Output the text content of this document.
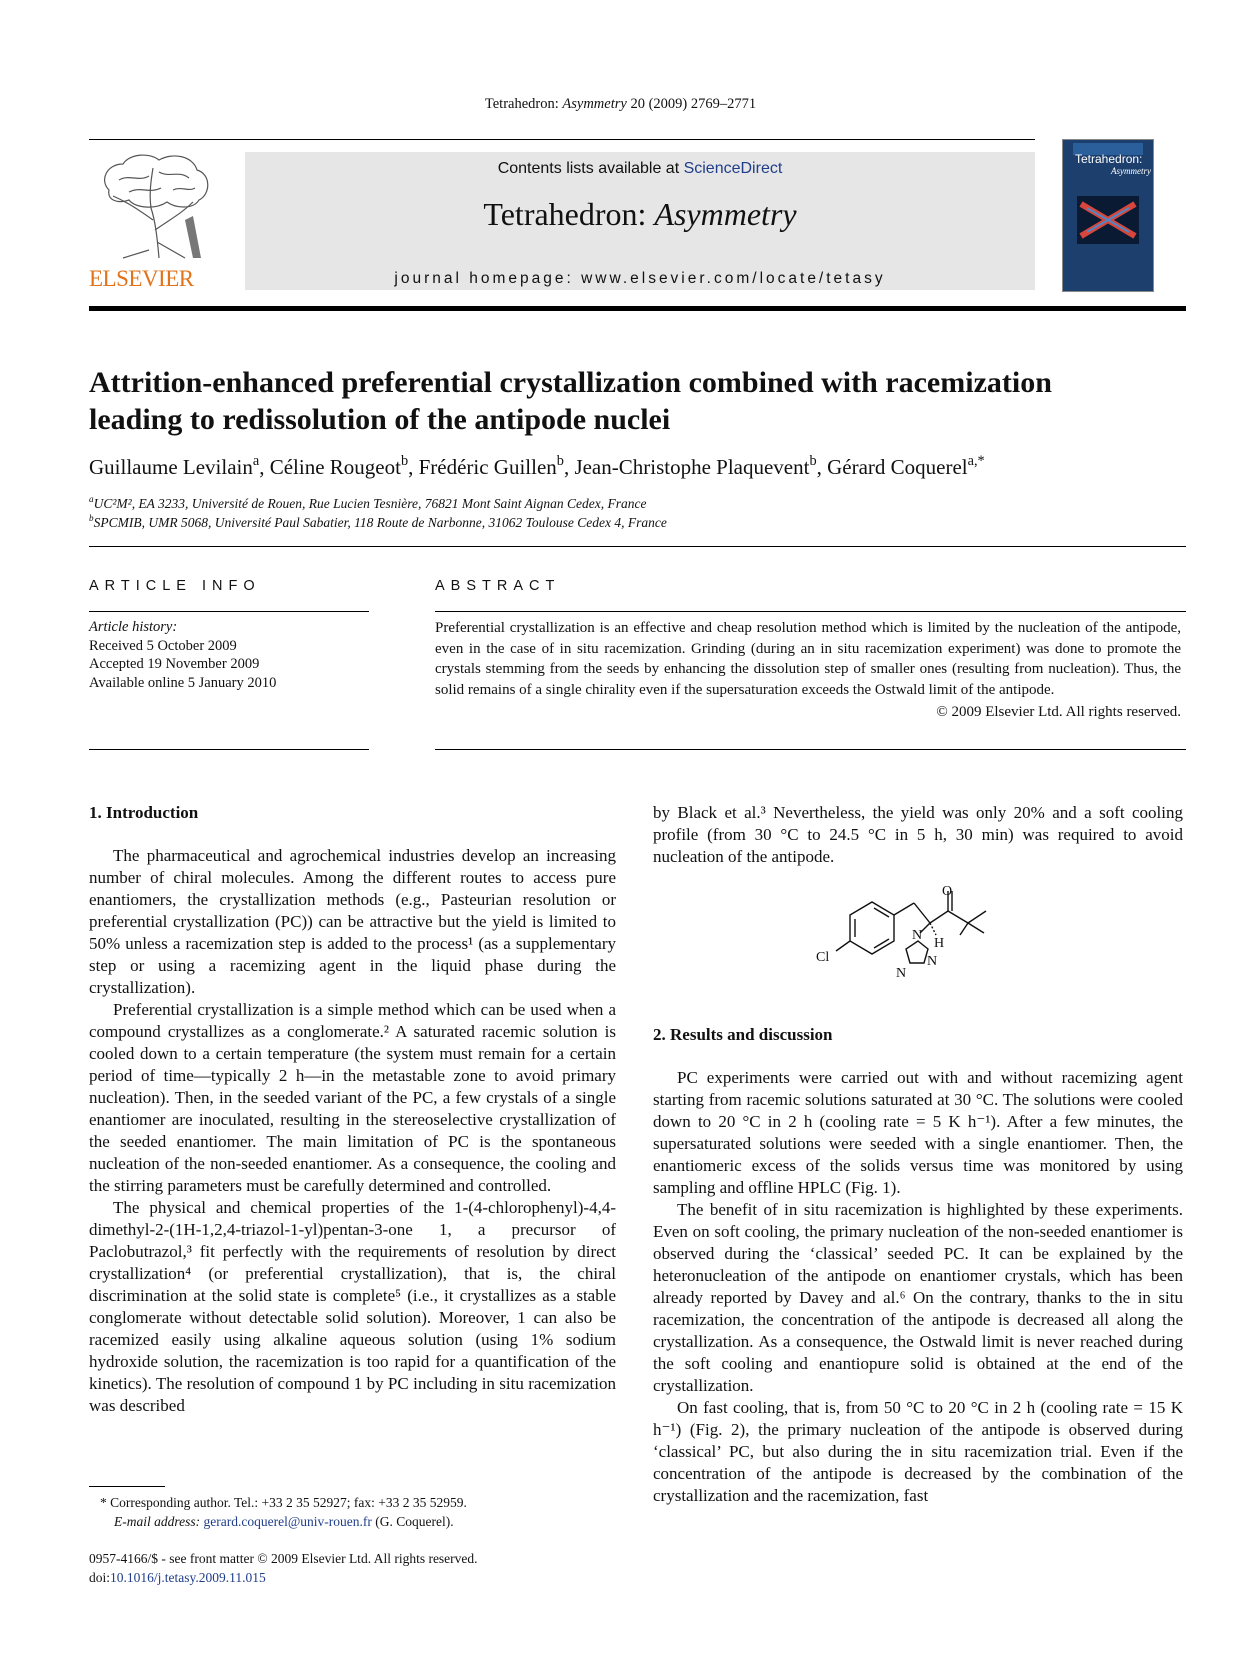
Tetrahedron: Asymmetry 20 (2009) 2769–2771
ELSEVIER
Contents lists available at ScienceDirect
Tetrahedron: Asymmetry
journal homepage: www.elsevier.com/locate/tetasy
Tetrahedron:
Asymmetry
Attrition-enhanced preferential crystallization combined with racemization
leading to redissolution of the antipode nuclei
Guillaume Levilain$^a$, Céline Rougeot$^b$, Frédéric Guillen$^b$, Jean-Christophe Plaquevent$^b$, Gérard Coquerel$^{a,*}$
$^a$UC²M², EA 3233, Université de Rouen, Rue Lucien Tesnière, 76821 Mont Saint Aignan Cedex, France
$^b$SPCMIB, UMR 5068, Université Paul Sabatier, 118 Route de Narbonne, 31062 Toulouse Cedex 4, France
ARTICLE INFO
Article history:
Received 5 October 2009
Accepted 19 November 2009
Available online 5 January 2010
ABSTRACT
Preferential crystallization is an effective and cheap resolution method which is limited by the nucleation of the antipode, even in the case of in situ racemization. Grinding (during an in situ racemization experiment) was done to promote the crystals stemming from the seeds by enhancing the dissolution step of smaller ones (resulting from nucleation). Thus, the solid remains of a single chirality even if the supersaturation exceeds the Ostwald limit of the antipode.
© 2009 Elsevier Ltd. All rights reserved.
1. Introduction

The pharmaceutical and agrochemical industries develop an increasing number of chiral molecules. Among the different routes to access pure enantiomers, the crystallization methods (e.g., Pasteurian resolution or preferential crystallization (PC)) can be attractive but the yield is limited to 50% unless a racemization step is added to the process¹ (as a supplementary step or using a racemizing agent in the liquid phase during the crystallization).

Preferential crystallization is a simple method which can be used when a compound crystallizes as a conglomerate.² A saturated racemic solution is cooled down to a certain temperature (the system must remain for a certain period of time—typically 2 h—in the metastable zone to avoid primary nucleation). Then, in the seeded variant of the PC, a few crystals of a single enantiomer are inoculated, resulting in the stereoselective crystallization of the seeded enantiomer. The main limitation of PC is the spontaneous nucleation of the non-seeded enantiomer. As a consequence, the cooling and the stirring parameters must be carefully determined and controlled.

The physical and chemical properties of the 1-(4-chlorophenyl)-4,4-dimethyl-2-(1H-1,2,4-triazol-1-yl)pentan-3-one 1, a precursor of Paclobutrazol,³ fit perfectly with the requirements of resolution by direct crystallization⁴ (or preferential crystallization), that is, the chiral discrimination at the solid state is complete⁵ (i.e., it crystallizes as a stable conglomerate without detectable solid solution). Moreover, 1 can also be racemized easily using alkaline aqueous solution (using 1% sodium hydroxide solution, the racemization is too rapid for a quantification of the kinetics). The resolution of compound 1 by PC including in situ racemization was described

by Black et al.³ Nevertheless, the yield was only 20% and a soft cooling profile (from 30 °C to 24.5 °C in 5 h, 30 min) was required to avoid nucleation of the antipode.

O
H
N
N
N
Cl
2. Results and discussion

PC experiments were carried out with and without racemizing agent starting from racemic solutions saturated at 30 °C. The solutions were cooled down to 20 °C in 2 h (cooling rate = 5 K h⁻¹). After a few minutes, the supersaturated solutions were seeded with a single enantiomer. Then, the enantiomeric excess of the solids versus time was monitored by using sampling and offline HPLC (Fig. 1).

The benefit of in situ racemization is highlighted by these experiments. Even on soft cooling, the primary nucleation of the non-seeded enantiomer is observed during the ‘classical’ seeded PC. It can be explained by the heteronucleation of the antipode on enantiomer crystals, which has been already reported by Davey and al.⁶ On the contrary, thanks to the in situ racemization, the concentration of the antipode is decreased all along the crystallization. As a consequence, the Ostwald limit is never reached during the soft cooling and enantiopure solid is obtained at the end of the crystallization.

On fast cooling, that is, from 50 °C to 20 °C in 2 h (cooling rate = 15 K h⁻¹) (Fig. 2), the primary nucleation of the antipode is observed during ‘classical’ PC, but also during the in situ racemization trial. Even if the concentration of the antipode is decreased by the combination of the crystallization and the racemization, fast

* Corresponding author. Tel.: +33 2 35 52927; fax: +33 2 35 52959.
E-mail address: gerard.coquerel@univ-rouen.fr (G. Coquerel).
0957-4166/$ - see front matter © 2009 Elsevier Ltd. All rights reserved.
doi:10.1016/j.tetasy.2009.11.015
